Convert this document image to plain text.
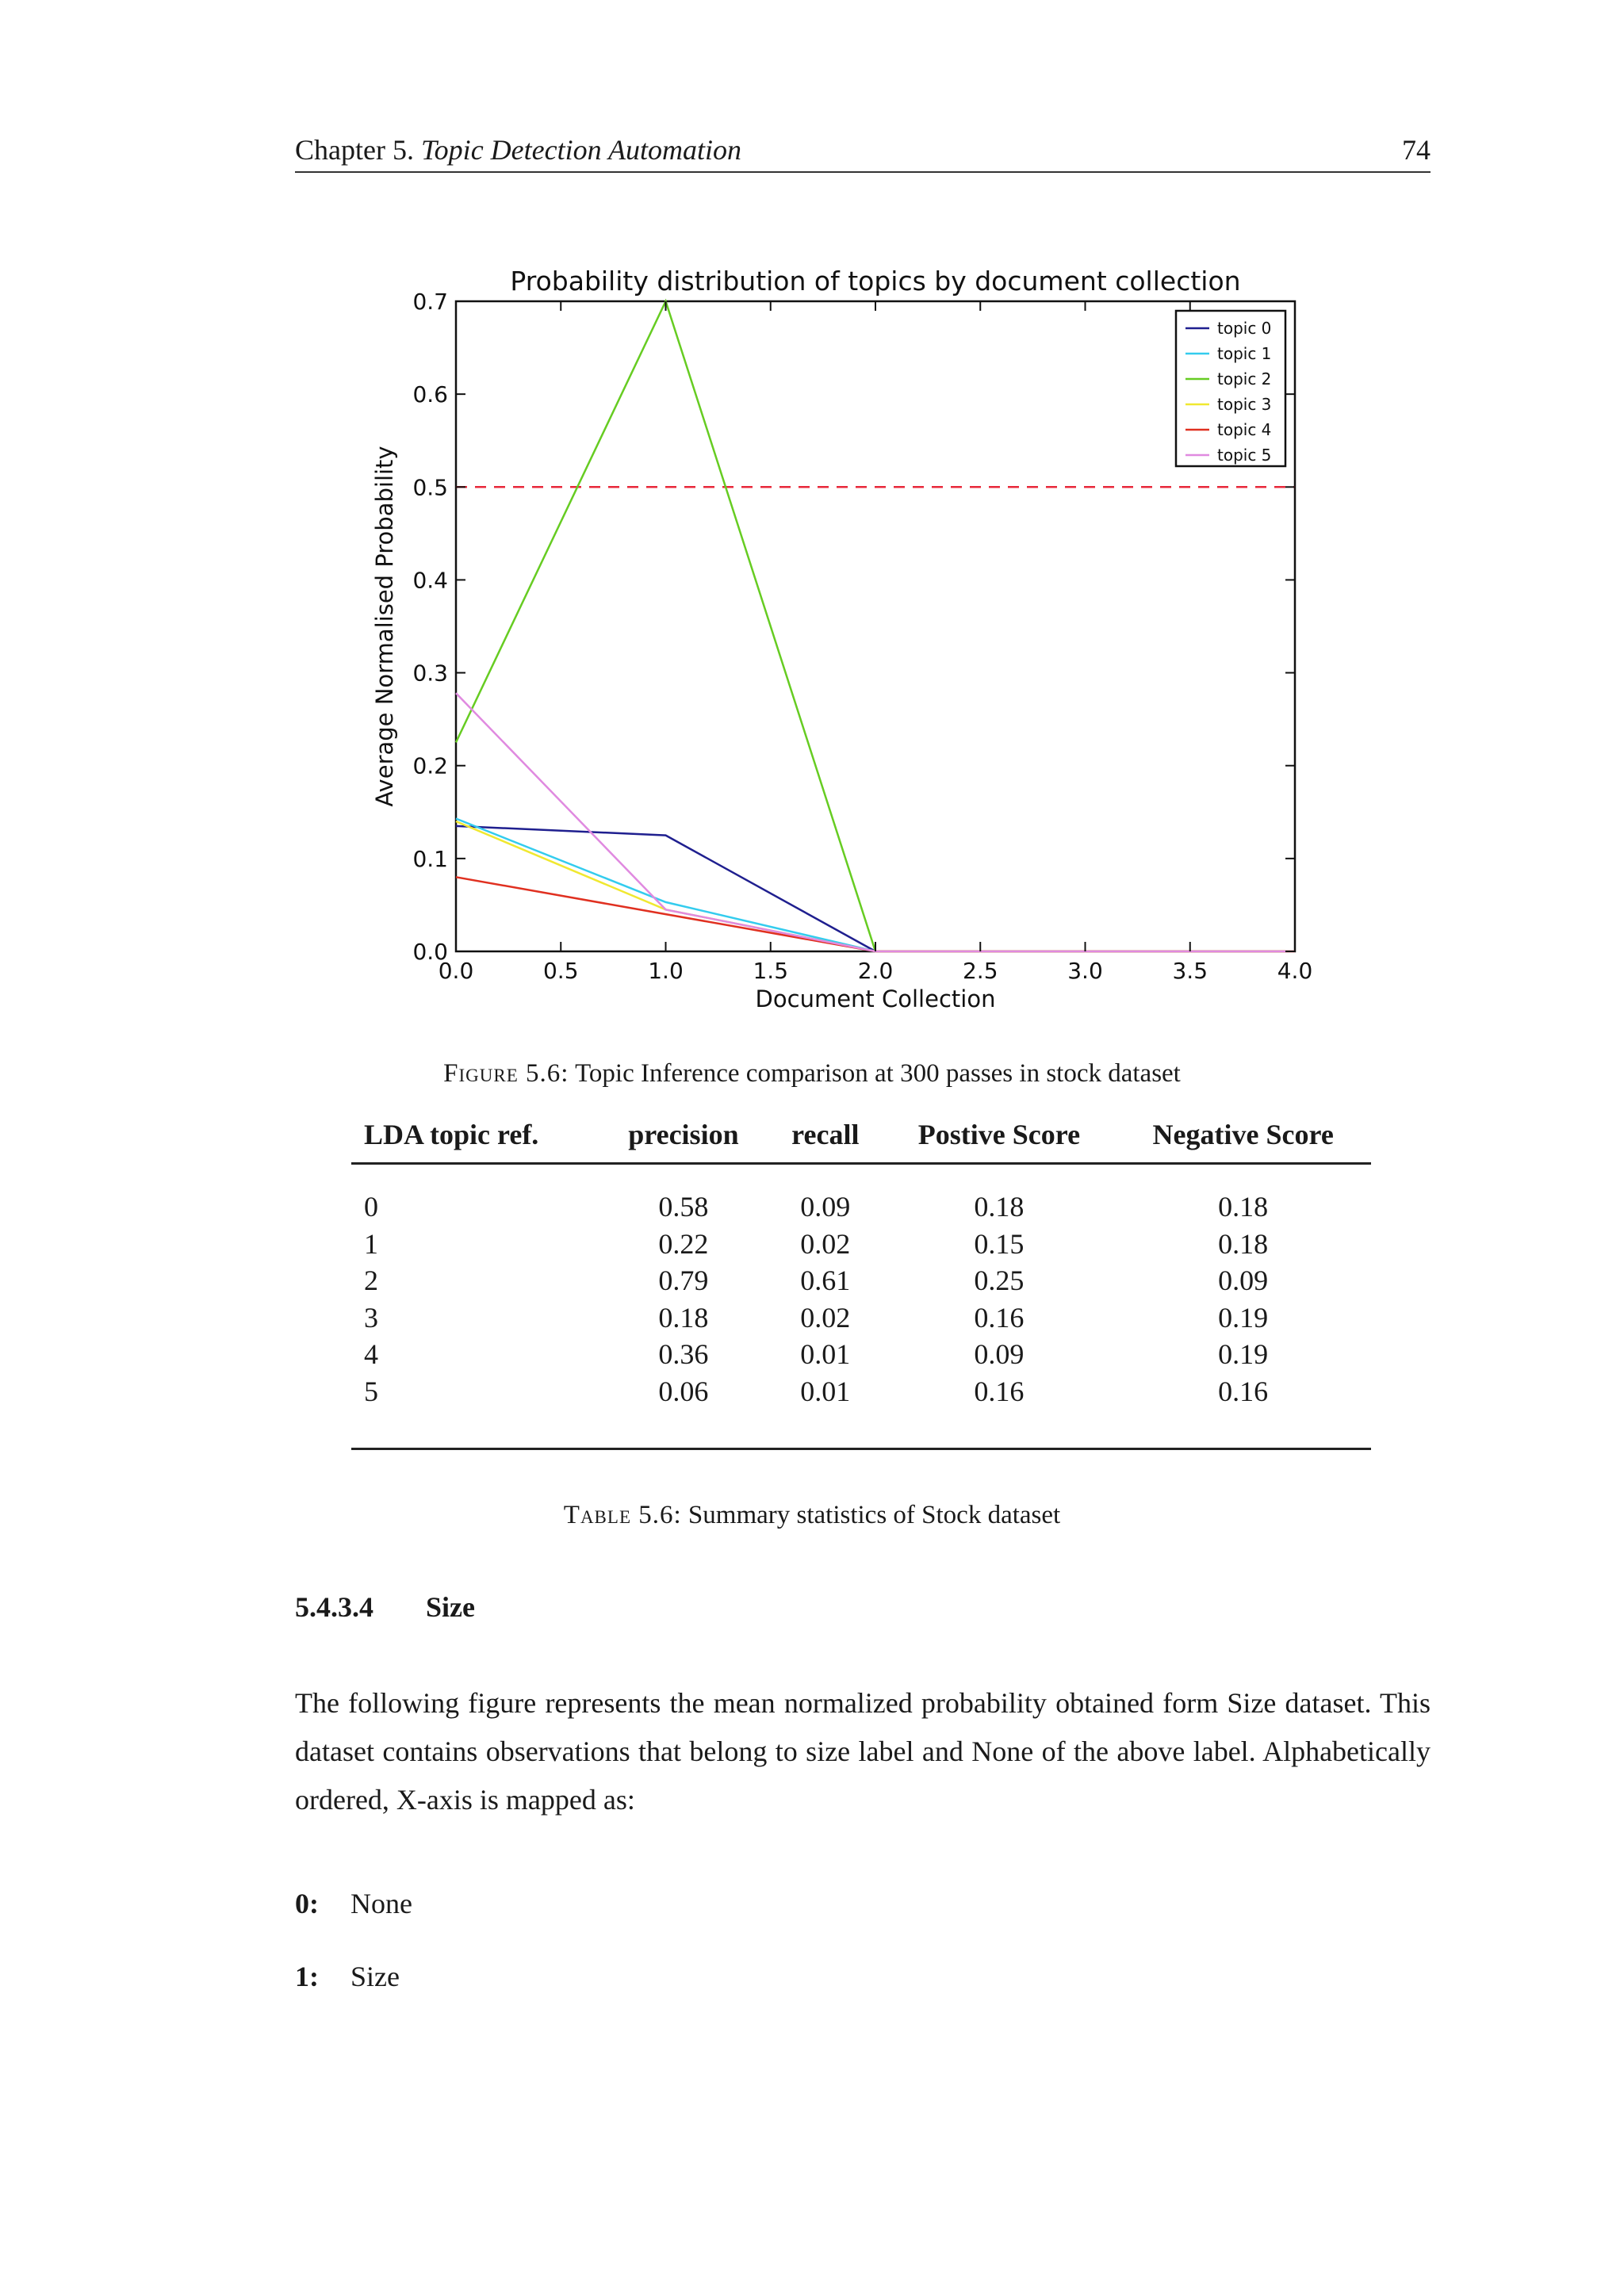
Chapter 5. Topic Detection Automation	74
0.0	0.5	1.0	1.5	2.0	2.5	3.0	3.5	4.0
0.0
0.1
0.2
0.3
0.4
0.5
0.6
0.7
Probability distribution of topics by document collection
Document Collection
Average Normalised Probability
topic 0
topic 1
topic 2
topic 3
topic 4
topic 5
Figure 5.6: Topic Inference comparison at 300 passes in stock dataset
LDA topic ref.	precision	recall	Postive Score	Negative Score

0	0.58	0.09	0.18	0.18
1	0.22	0.02	0.15	0.18
2	0.79	0.61	0.25	0.09
3	0.18	0.02	0.16	0.19
4	0.36	0.01	0.09	0.19
5	0.06	0.01	0.16	0.16

Table 5.6: Summary statistics of Stock dataset
5.4.3.4 Size
The following figure represents the mean normalized probability obtained form Size dataset. This dataset contains observations that belong to size label and None of the above label. Alphabetically ordered, X-axis is mapped as:
0: None
1: Size
